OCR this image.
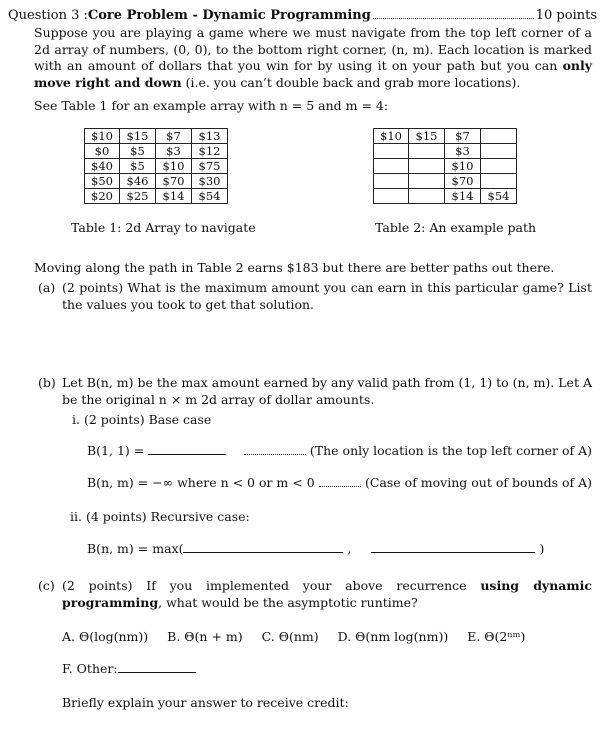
Question 3 : Core Problem - Dynamic Programming	10 points
Suppose you are playing a game where we must navigate from the top left corner of a 2d array of numbers, (0, 0), to the bottom right corner, (n, m). Each location is marked with an amount of dollars that you win for by using it on your path but you can only move right and down (i.e. you can’t double back and grab more locations).
See Table 1 for an example array with n = 5 and m = 4:
$10	$15	$7	$13
$0	$5	$3	$12
$40	$5	$10	$75
$50	$46	$70	$30
$20	$25	$14	$54
Table 1: 2d Array to navigate
$10	$15	$7	
		$3	
		$10	
		$70	
		$14	$54
Table 2: An example path
Moving along the path in Table 2 earns $183 but there are better paths out there.
(a) (2 points) What is the maximum amount you can earn in this particular game? List the values you took to get that solution.
(b) Let B(n, m) be the max amount earned by any valid path from (1, 1) to (n, m). Let A be the original n × m 2d array of dollar amounts.
i. (2 points) Base case
B(1, 1) =	(The only location is the top left corner of A)
B(n, m) = −∞ where n < 0 or m < 0	(Case of moving out of bounds of A)
ii. (4 points) Recursive case:
B(n, m) = max(	,	)
(c) (2 points) If you implemented your above recurrence using dynamic programming, what would be the asymptotic runtime?
A. Θ(log(nm)) B. Θ(n + m) C. Θ(nm) D. Θ(nm log(nm)) E. Θ(2ⁿᵐ)
F. Other:
Briefly explain your answer to receive credit:
